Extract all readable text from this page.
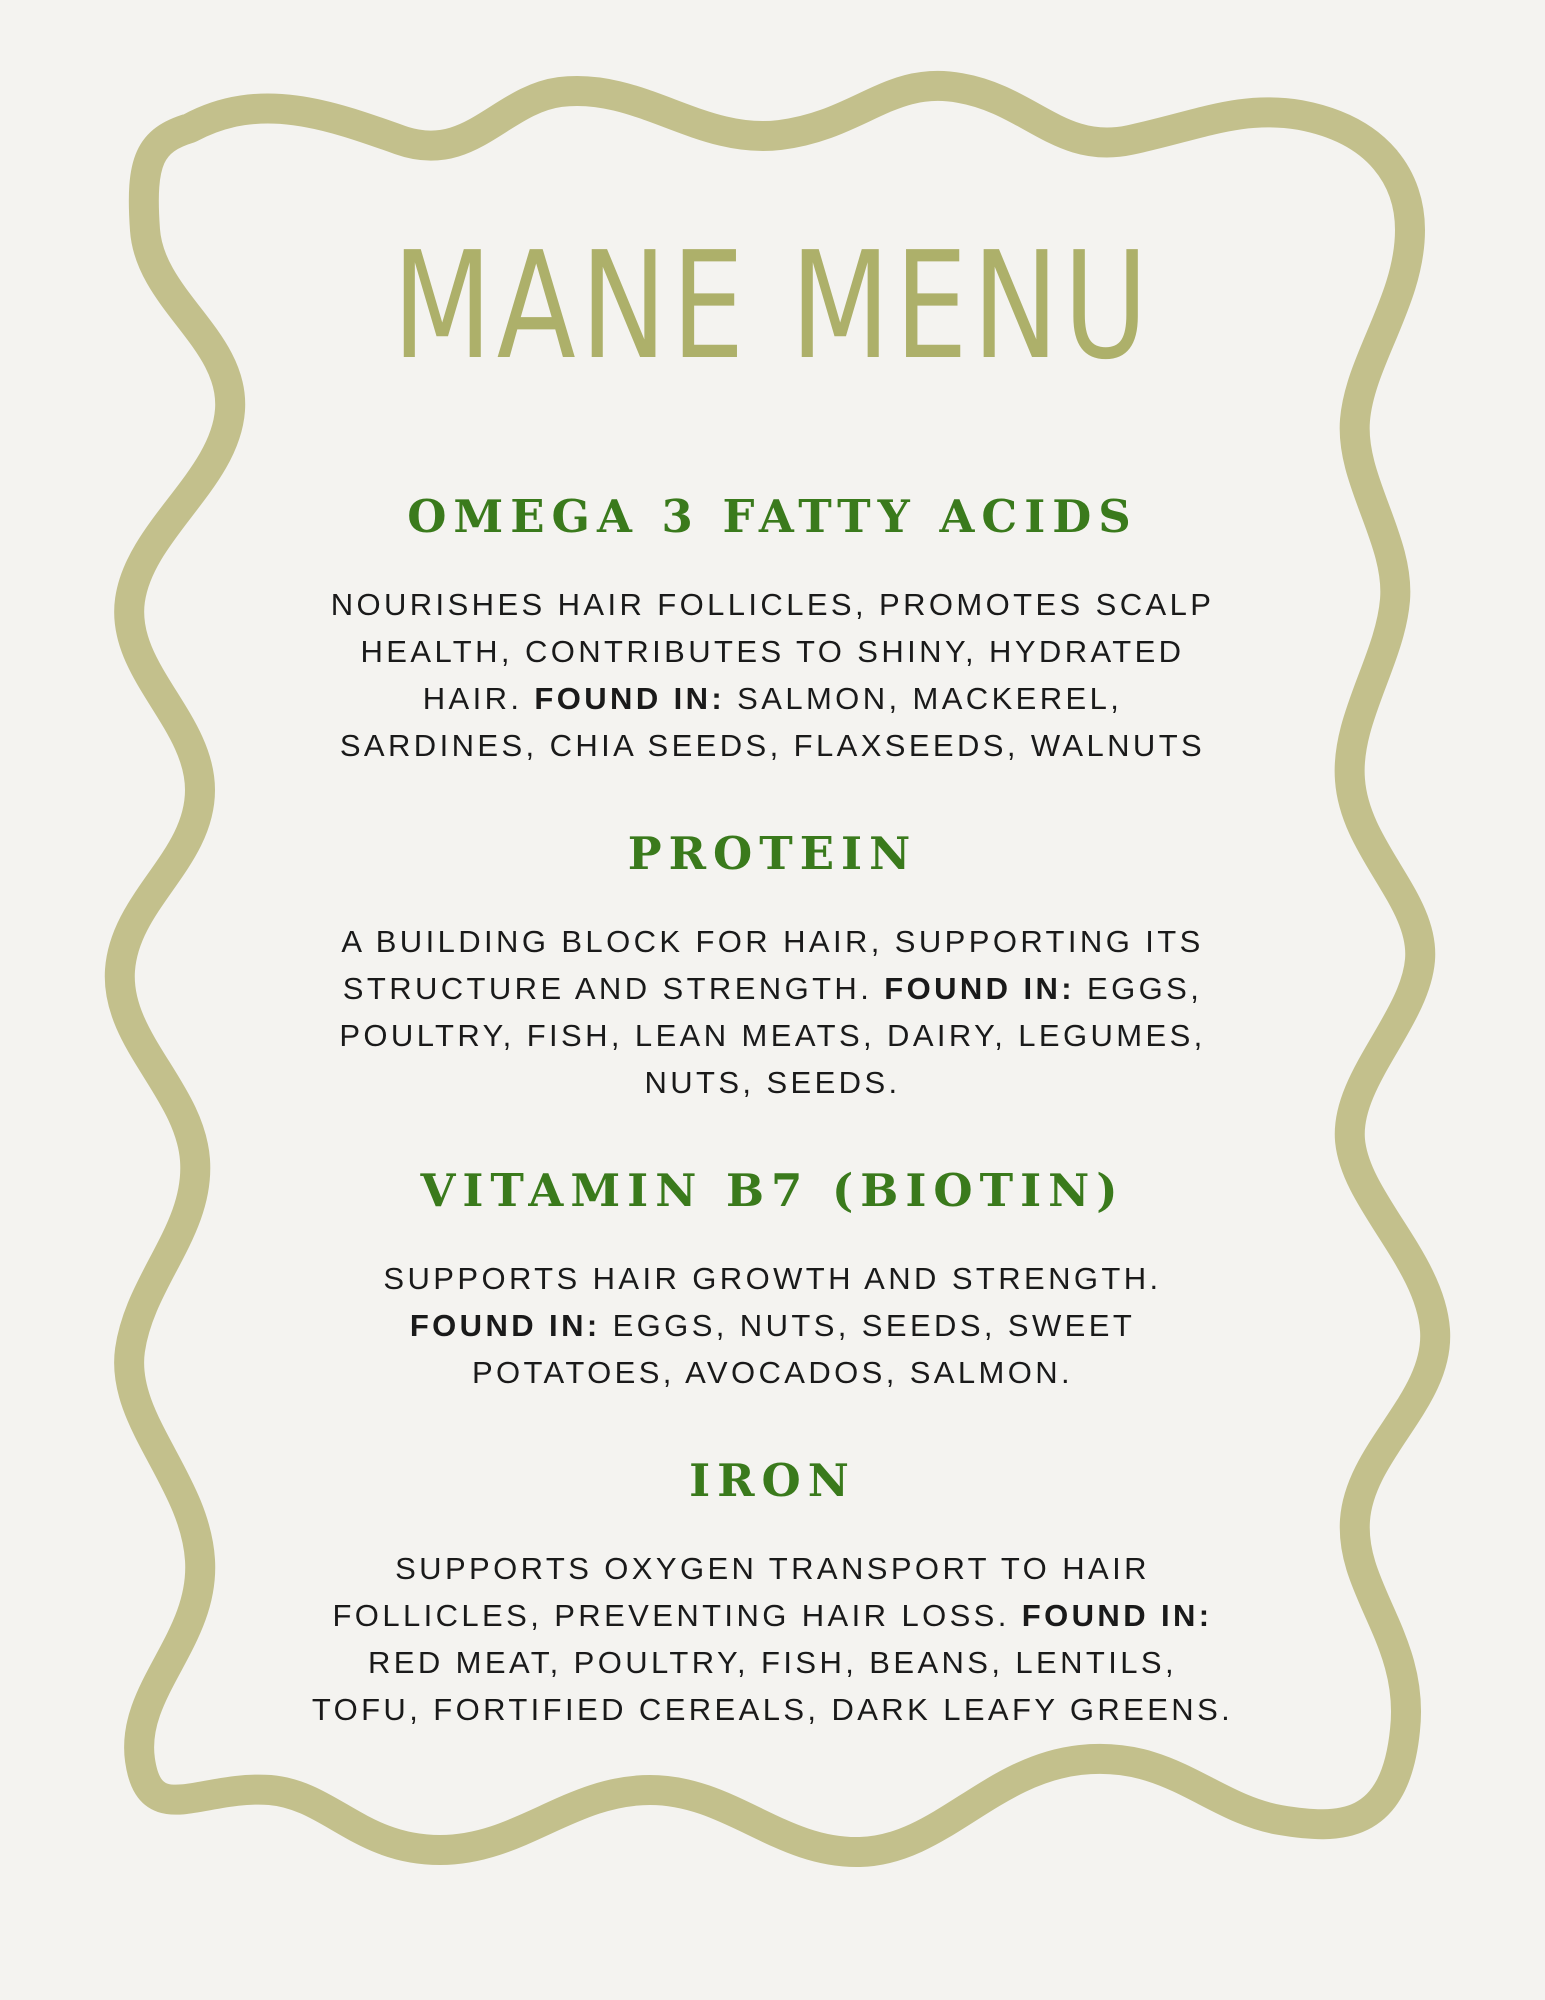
MANE MENU
OMEGA 3 FATTY ACIDS
NOURISHES HAIR FOLLICLES, PROMOTES SCALP
HEALTH, CONTRIBUTES TO SHINY, HYDRATED
HAIR. FOUND IN: SALMON, MACKEREL,
SARDINES, CHIA SEEDS, FLAXSEEDS, WALNUTS
PROTEIN
A BUILDING BLOCK FOR HAIR, SUPPORTING ITS
STRUCTURE AND STRENGTH. FOUND IN: EGGS,
POULTRY, FISH, LEAN MEATS, DAIRY, LEGUMES,
NUTS, SEEDS.
VITAMIN B7 (BIOTIN)
SUPPORTS HAIR GROWTH AND STRENGTH.
FOUND IN: EGGS, NUTS, SEEDS, SWEET
POTATOES, AVOCADOS, SALMON.
IRON
SUPPORTS OXYGEN TRANSPORT TO HAIR
FOLLICLES, PREVENTING HAIR LOSS. FOUND IN:
RED MEAT, POULTRY, FISH, BEANS, LENTILS,
TOFU, FORTIFIED CEREALS, DARK LEAFY GREENS.
